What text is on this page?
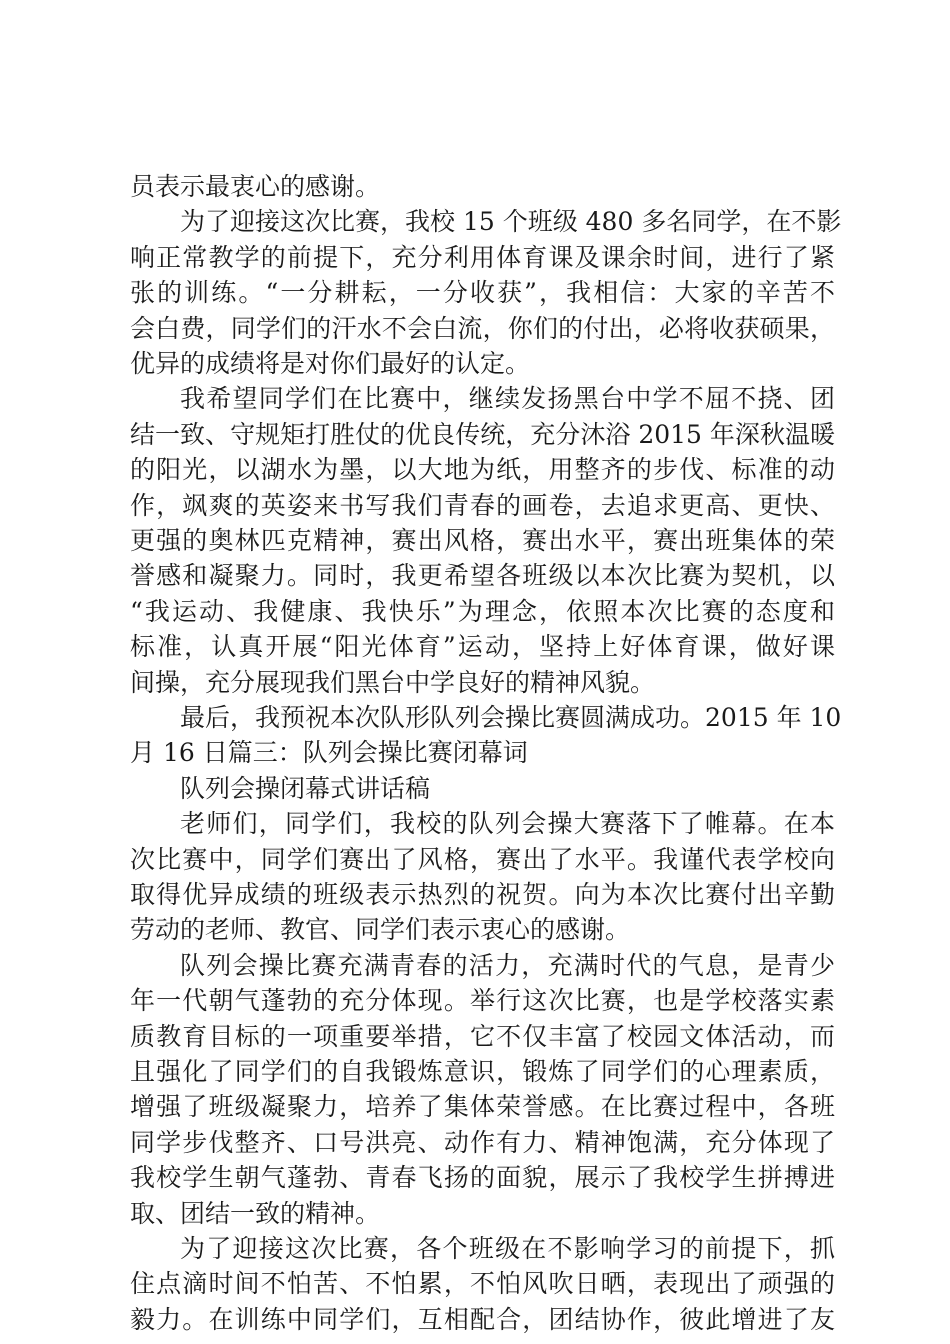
员表示最衷心的感谢。
为了迎接这次比赛，我校 15 个班级 480 多名同学，在不影
响正常教学的前提下，充分利用体育课及课余时间，进行了紧
张的训练。“一分耕耘，一分收获”，我相信：大家的辛苦不
会白费，同学们的汗水不会白流，你们的付出，必将收获硕果，
优异的成绩将是对你们最好的认定。
我希望同学们在比赛中，继续发扬黑台中学不屈不挠、团
结一致、守规矩打胜仗的优良传统，充分沐浴 2015 年深秋温暖
的阳光，以湖水为墨，以大地为纸，用整齐的步伐、标准的动
作，飒爽的英姿来书写我们青春的画卷，去追求更高、更快、
更强的奥林匹克精神，赛出风格，赛出水平，赛出班集体的荣
誉感和凝聚力。同时，我更希望各班级以本次比赛为契机，以
“我运动、我健康、我快乐”为理念，依照本次比赛的态度和
标准，认真开展“阳光体育”运动，坚持上好体育课，做好课
间操，充分展现我们黑台中学良好的精神风貌。
最后，我预祝本次队形队列会操比赛圆满成功。2015 年 10
月 16 日篇三：队列会操比赛闭幕词
队列会操闭幕式讲话稿
老师们，同学们，我校的队列会操大赛落下了帷幕。在本
次比赛中，同学们赛出了风格，赛出了水平。我谨代表学校向
取得优异成绩的班级表示热烈的祝贺。向为本次比赛付出辛勤
劳动的老师、教官、同学们表示衷心的感谢。
队列会操比赛充满青春的活力，充满时代的气息，是青少
年一代朝气蓬勃的充分体现。举行这次比赛，也是学校落实素
质教育目标的一项重要举措，它不仅丰富了校园文体活动，而
且强化了同学们的自我锻炼意识，锻炼了同学们的心理素质，
增强了班级凝聚力，培养了集体荣誉感。在比赛过程中，各班
同学步伐整齐、口号洪亮、动作有力、精神饱满，充分体现了
我校学生朝气蓬勃、青春飞扬的面貌，展示了我校学生拼搏进
取、团结一致的精神。
为了迎接这次比赛，各个班级在不影响学习的前提下，抓
住点滴时间不怕苦、不怕累，不怕风吹日晒，表现出了顽强的
毅力。在训练中同学们，互相配合，团结协作，彼此增进了友
